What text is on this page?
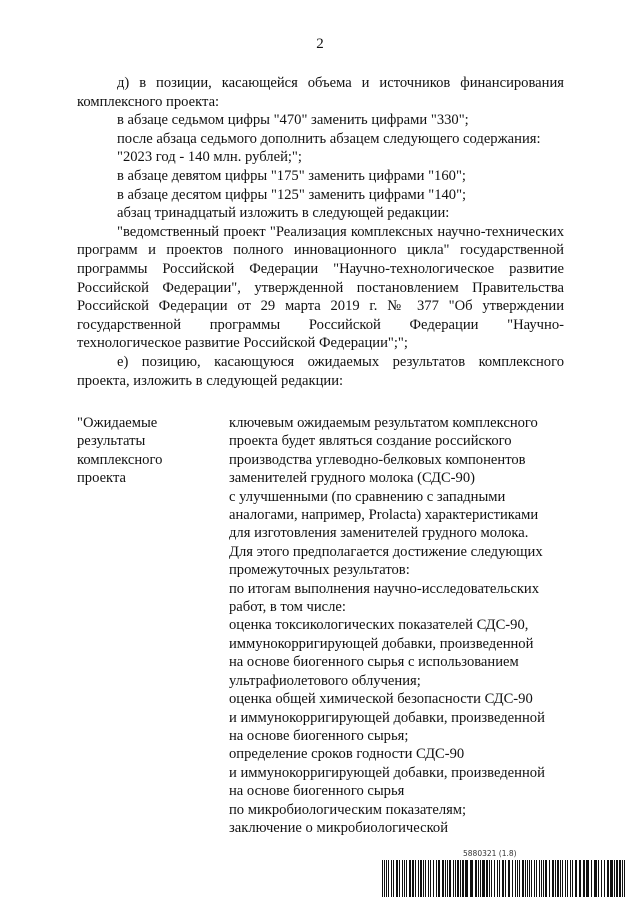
2

д) в позиции, касающейся объема и источников финансирования комплексного проекта:

в абзаце седьмом цифры "470" заменить цифрами "330";

после абзаца седьмого дополнить абзацем следующего содержания:

"2023 год - 140 млн. рублей;";

в абзаце девятом цифры "175" заменить цифрами "160";

в абзаце десятом цифры "125" заменить цифрами "140";

абзац тринадцатый изложить в следующей редакции:

"ведомственный проект "Реализация комплексных научно-технических программ и проектов полного инновационного цикла" государственной программы Российской Федерации "Научно-технологическое развитие Российской Федерации", утвержденной постановлением Правительства Российской Федерации от 29 марта 2019 г. № 377 "Об утверждении государственной программы Российской Федерации "Научно-технологическое развитие Российской Федерации";";

е) позицию, касающуюся ожидаемых результатов комплексного проекта, изложить в следующей редакции:

"Ожидаемые
результаты
комплексного
проекта
ключевым ожидаемым результатом комплексного
проекта будет являться создание российского
производства углеводно-белковых компонентов
заменителей грудного молока (СДС-90)
с улучшенными (по сравнению с западными
аналогами, например, Prolacta) характеристиками
для изготовления заменителей грудного молока.
Для этого предполагается достижение следующих
промежуточных результатов:
по итогам выполнения научно-исследовательских
работ, в том числе:
оценка токсикологических показателей СДС-90,
иммунокорригирующей добавки, произведенной
на основе биогенного сырья с использованием
ультрафиолетового облучения;
оценка общей химической безопасности СДС-90
и иммунокорригирующей добавки, произведенной
на основе биогенного сырья;
определение сроков годности СДС-90
и иммунокорригирующей добавки, произведенной
на основе биогенного сырья
по микробиологическим показателям;
заключение о микробиологической
5880321 (1.8)
